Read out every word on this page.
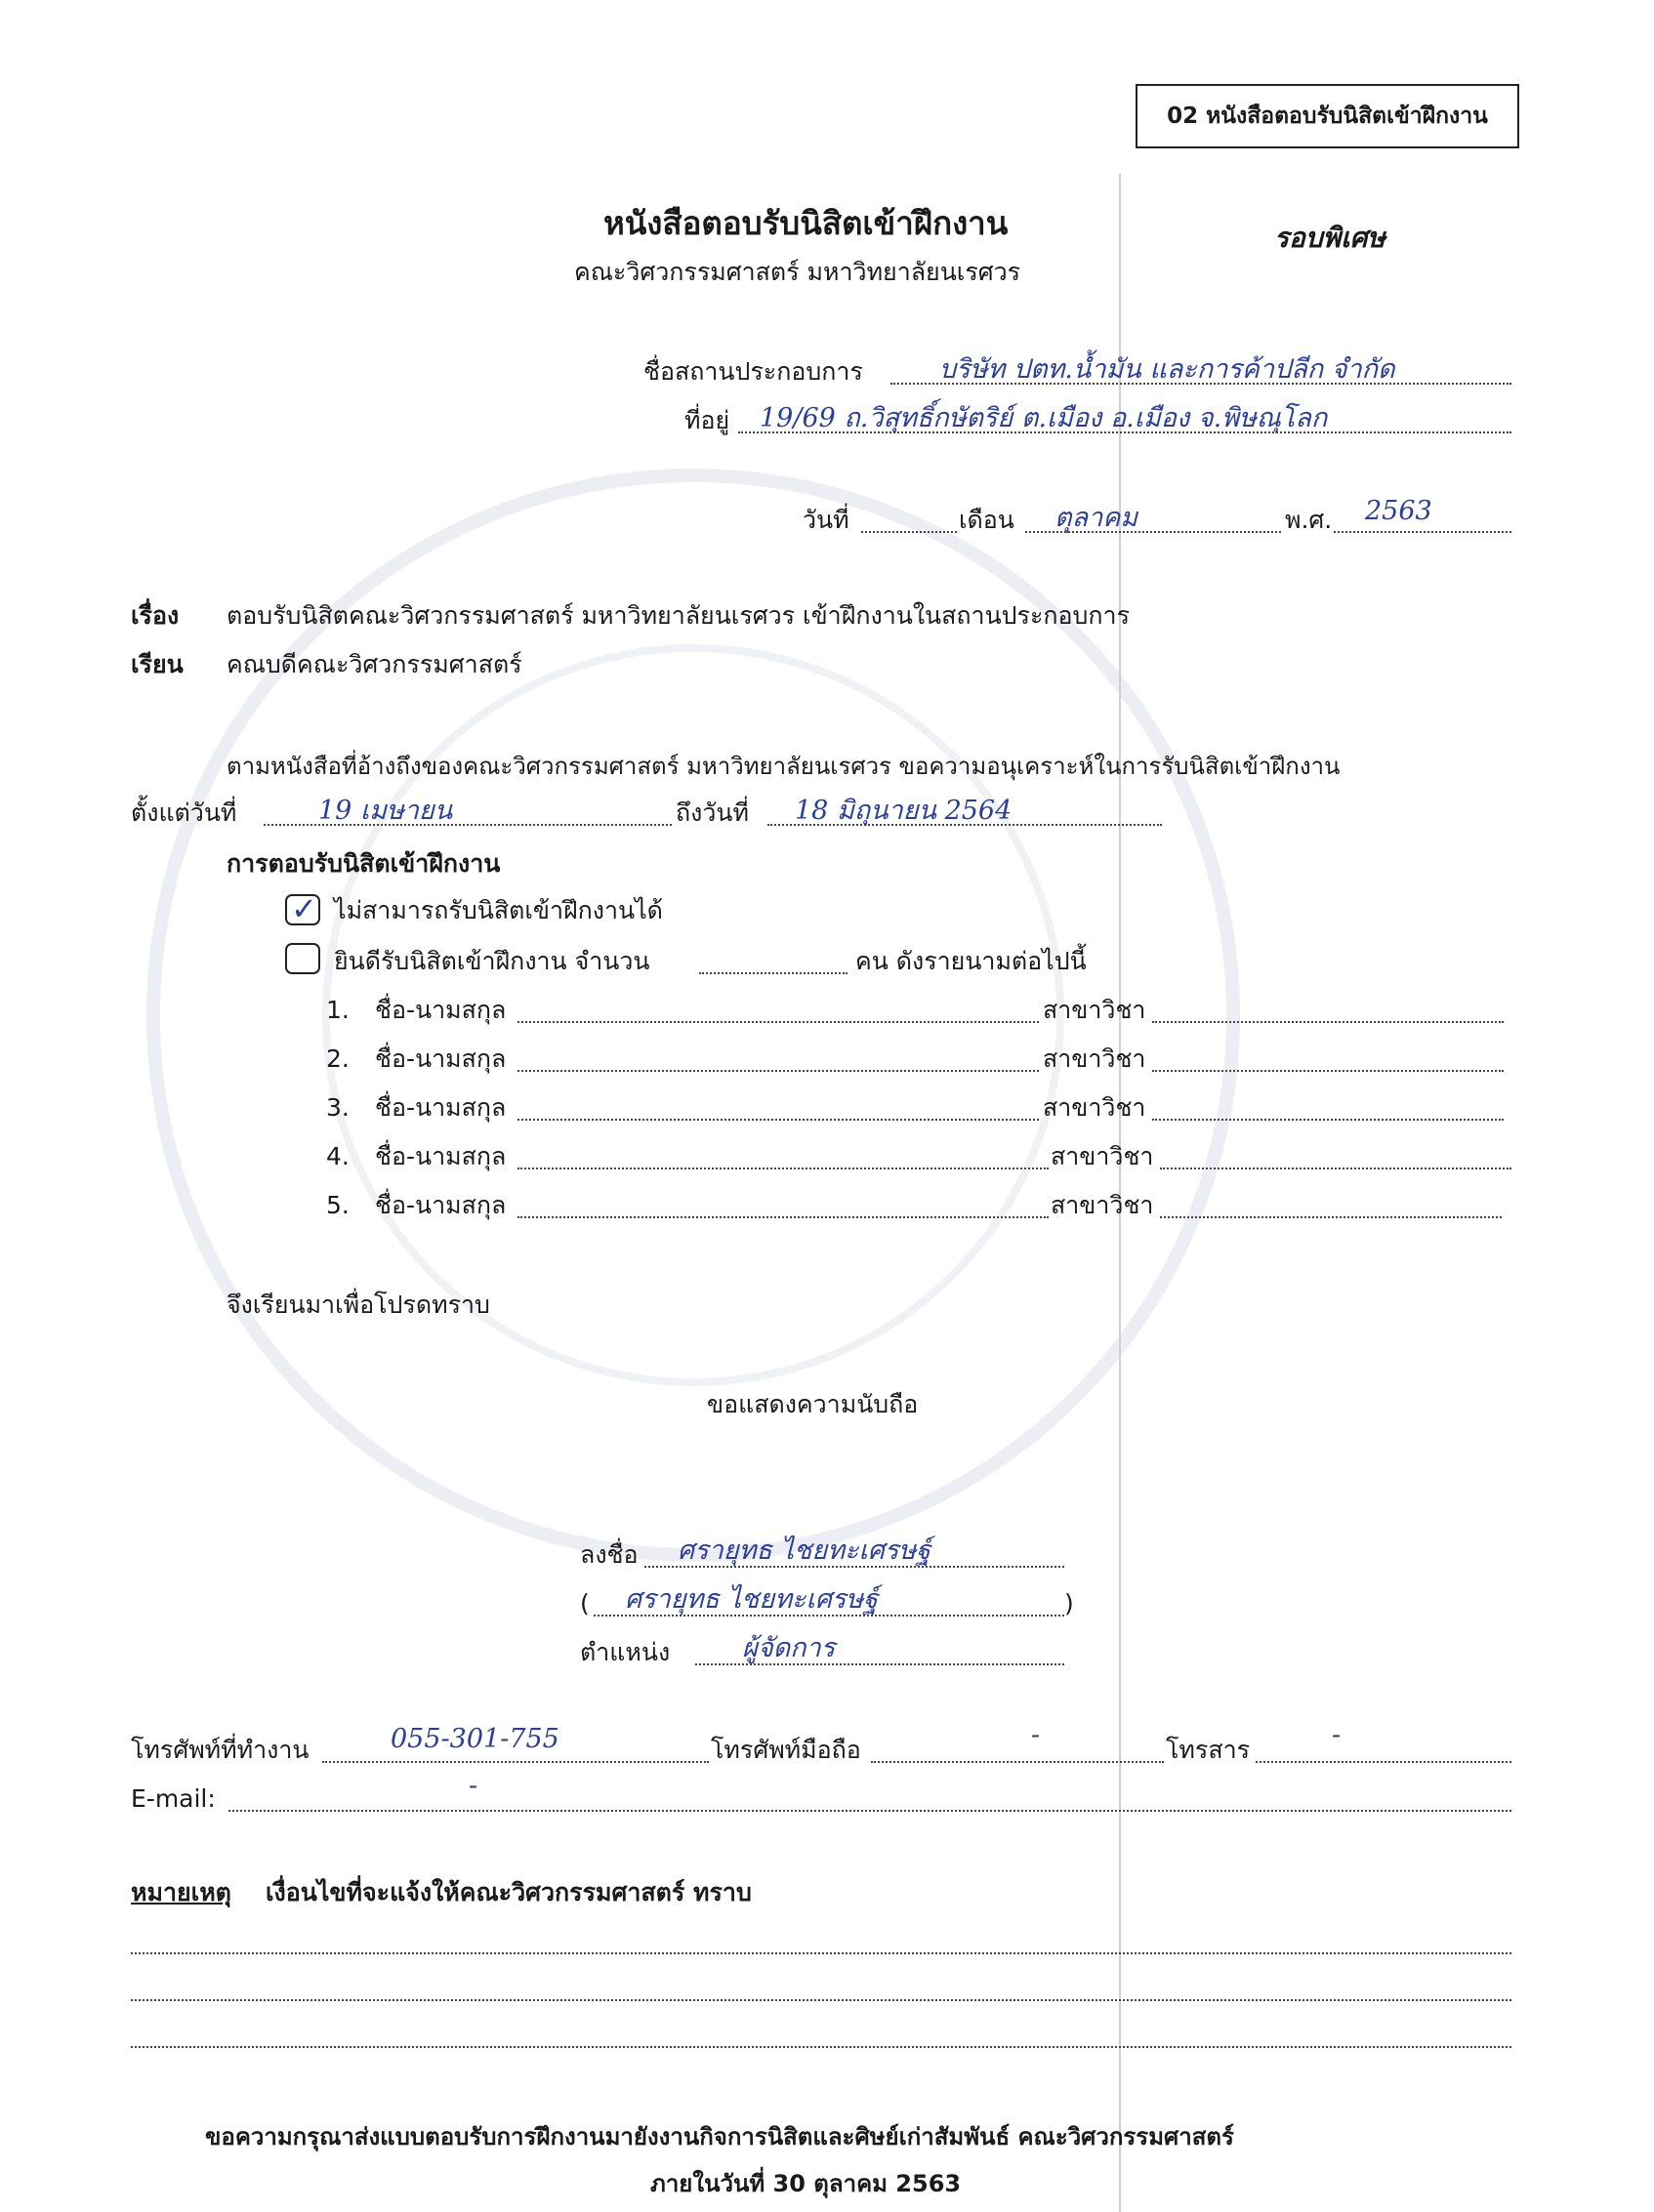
02 หนังสือตอบรับนิสิตเข้าฝึกงาน
หนังสือตอบรับนิสิตเข้าฝึกงาน
คณะวิศวกรรมศาสตร์ มหาวิทยาลัยนเรศวร
รอบพิเศษ
ชื่อสถานประกอบการ	บริษัท ปตท.น้ำมัน และการค้าปลีก จำกัด
ที่อยู่ 19/69 ถ.วิสุทธิ์กษัตริย์ ต.เมือง อ.เมือง จ.พิษณุโลก
วันที่	เดือน ตุลาคม	พ.ศ. 2563
เรื่อง ตอบรับนิสิตคณะวิศวกรรมศาสตร์ มหาวิทยาลัยนเรศวร เข้าฝึกงานในสถานประกอบการ
เรียน คณบดีคณะวิศวกรรมศาสตร์
ตามหนังสือที่อ้างถึงของคณะวิศวกรรมศาสตร์ มหาวิทยาลัยนเรศวร ขอความอนุเคราะห์ในการรับนิสิตเข้าฝึกงาน
ตั้งแต่วันที่	19 เมษายน	ถึงวันที่ 18 มิถุนายน 2564
การตอบรับนิสิตเข้าฝึกงาน
✓ ไม่สามารถรับนิสิตเข้าฝึกงานได้
ยินดีรับนิสิตเข้าฝึกงาน จำนวน	คน ดังรายนามต่อไปนี้
1. ชื่อ-นามสกุล	สาขาวิชา
2. ชื่อ-นามสกุล	สาขาวิชา
3. ชื่อ-นามสกุล	สาขาวิชา
4. ชื่อ-นามสกุล	สาขาวิชา
5. ชื่อ-นามสกุล	สาขาวิชา
จึงเรียนมาเพื่อโปรดทราบ
ขอแสดงความนับถือ
ลงชื่อ ศรายุทธ ไชยทะเศรษฐ์
( ศรายุทธ ไชยทะเศรษฐ์	)
ตำแหน่ง	ผู้จัดการ
โทรศัพท์ที่ทำงาน	055-301-755	โทรศัพท์มือถือ	-	โทรสาร	-
E-mail:	-
หมายเหตุ เงื่อนไขที่จะแจ้งให้คณะวิศวกรรมศาสตร์ ทราบ
ขอความกรุณาส่งแบบตอบรับการฝึกงานมายังงานกิจการนิสิตและศิษย์เก่าสัมพันธ์ คณะวิศวกรรมศาสตร์
ภายในวันที่ 30 ตุลาคม 2563
